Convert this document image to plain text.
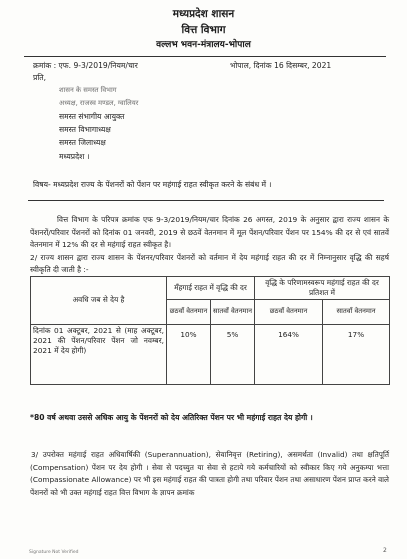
मध्यप्रदेश शासन
वित्त विभाग
वल्लभ भवन-मंत्रालय-भोपाल
क्रमांक : एफ. 9-3/2019/नियम/चार	भोपाल, दिनांक 16 दिसम्बर, 2021
प्रति,
शासन के समस्त विभाग
अध्यक्ष, राजस्व मण्डल, ग्वालियर
समस्त संभागीय आयुक्त
समस्त विभागाध्यक्ष
समस्त जिलाध्यक्ष
मध्यप्रदेश ।
विषय- मध्यप्रदेश राज्य के पेंशनरों को पेंशन पर महंगाई राहत स्वीकृत करने के संबंध में ।
वित्त विभाग के परिपत्र क्रमांक एफ 9-3/2019/नियम/चार दिनांक 26 अगस्त, 2019 के अनुसार द्वारा राज्य शासन के पेंशनरों/परिवार पेंशनरों को दिनांक 01 जनवरी, 2019 से छठवें वेतनमान में मूल पेंशन/परिवार पेंशन पर 154% की दर से एवं सातवें वेतनमान में 12% की दर से महंगाई राहत स्वीकृत है।
2/ राज्य शासन द्वारा राज्य शासन के पेंशनर/परिवार पेंशनरों को वर्तमान में देय महंगाई राहत की दर में निम्नानुसार वृद्धि की सहर्ष स्वीकृति दी जाती है :-
अवधि जब से देय है	मँहगाई राहत में वृद्धि की दर		वृद्धि के परिणामस्वरूप महंगाई राहत की दर प्रतिशत में	
	छठवाँ वेतनमान	सातवाँ वेतनमान	छठवाँ वेतनमान	सातवाँ वेतनमान
दिनांक 01 अक्टूबर, 2021 से (माह अक्टूबर, 2021 की पेंशन/परिवार पेंशन जो नवम्बर, 2021 में देय होगी)	10%	5%	164%	17%
*80 वर्ष अथवा उससे अधिक आयु के पेंशनरों को देय अतिरिक्त पेंशन पर भी महंगाई राहत देय होगी ।
3/ उपरोक्त महंगाई राहत अधिवार्षिकी (Superannuation), सेवानिवृत्त (Retiring), असमर्थता (Invalid) तथा क्षतिपूर्ति (Compensation) पेंशन पर देय होगी । सेवा से पदच्युत या सेवा से हटाये गये कर्मचारियों को स्वीकार किए गये अनुकम्पा भत्ता (Compassionate Allowance) पर भी इस महंगाई राहत की पात्रता होगी तथा परिवार पेंशन तथा असाधारण पेंशन प्राप्त करने वाले पेंशनरों को भी उक्त महंगाई राहत वित्त विभाग के ज्ञापन क्रमांक
Signature Not Verified	2
